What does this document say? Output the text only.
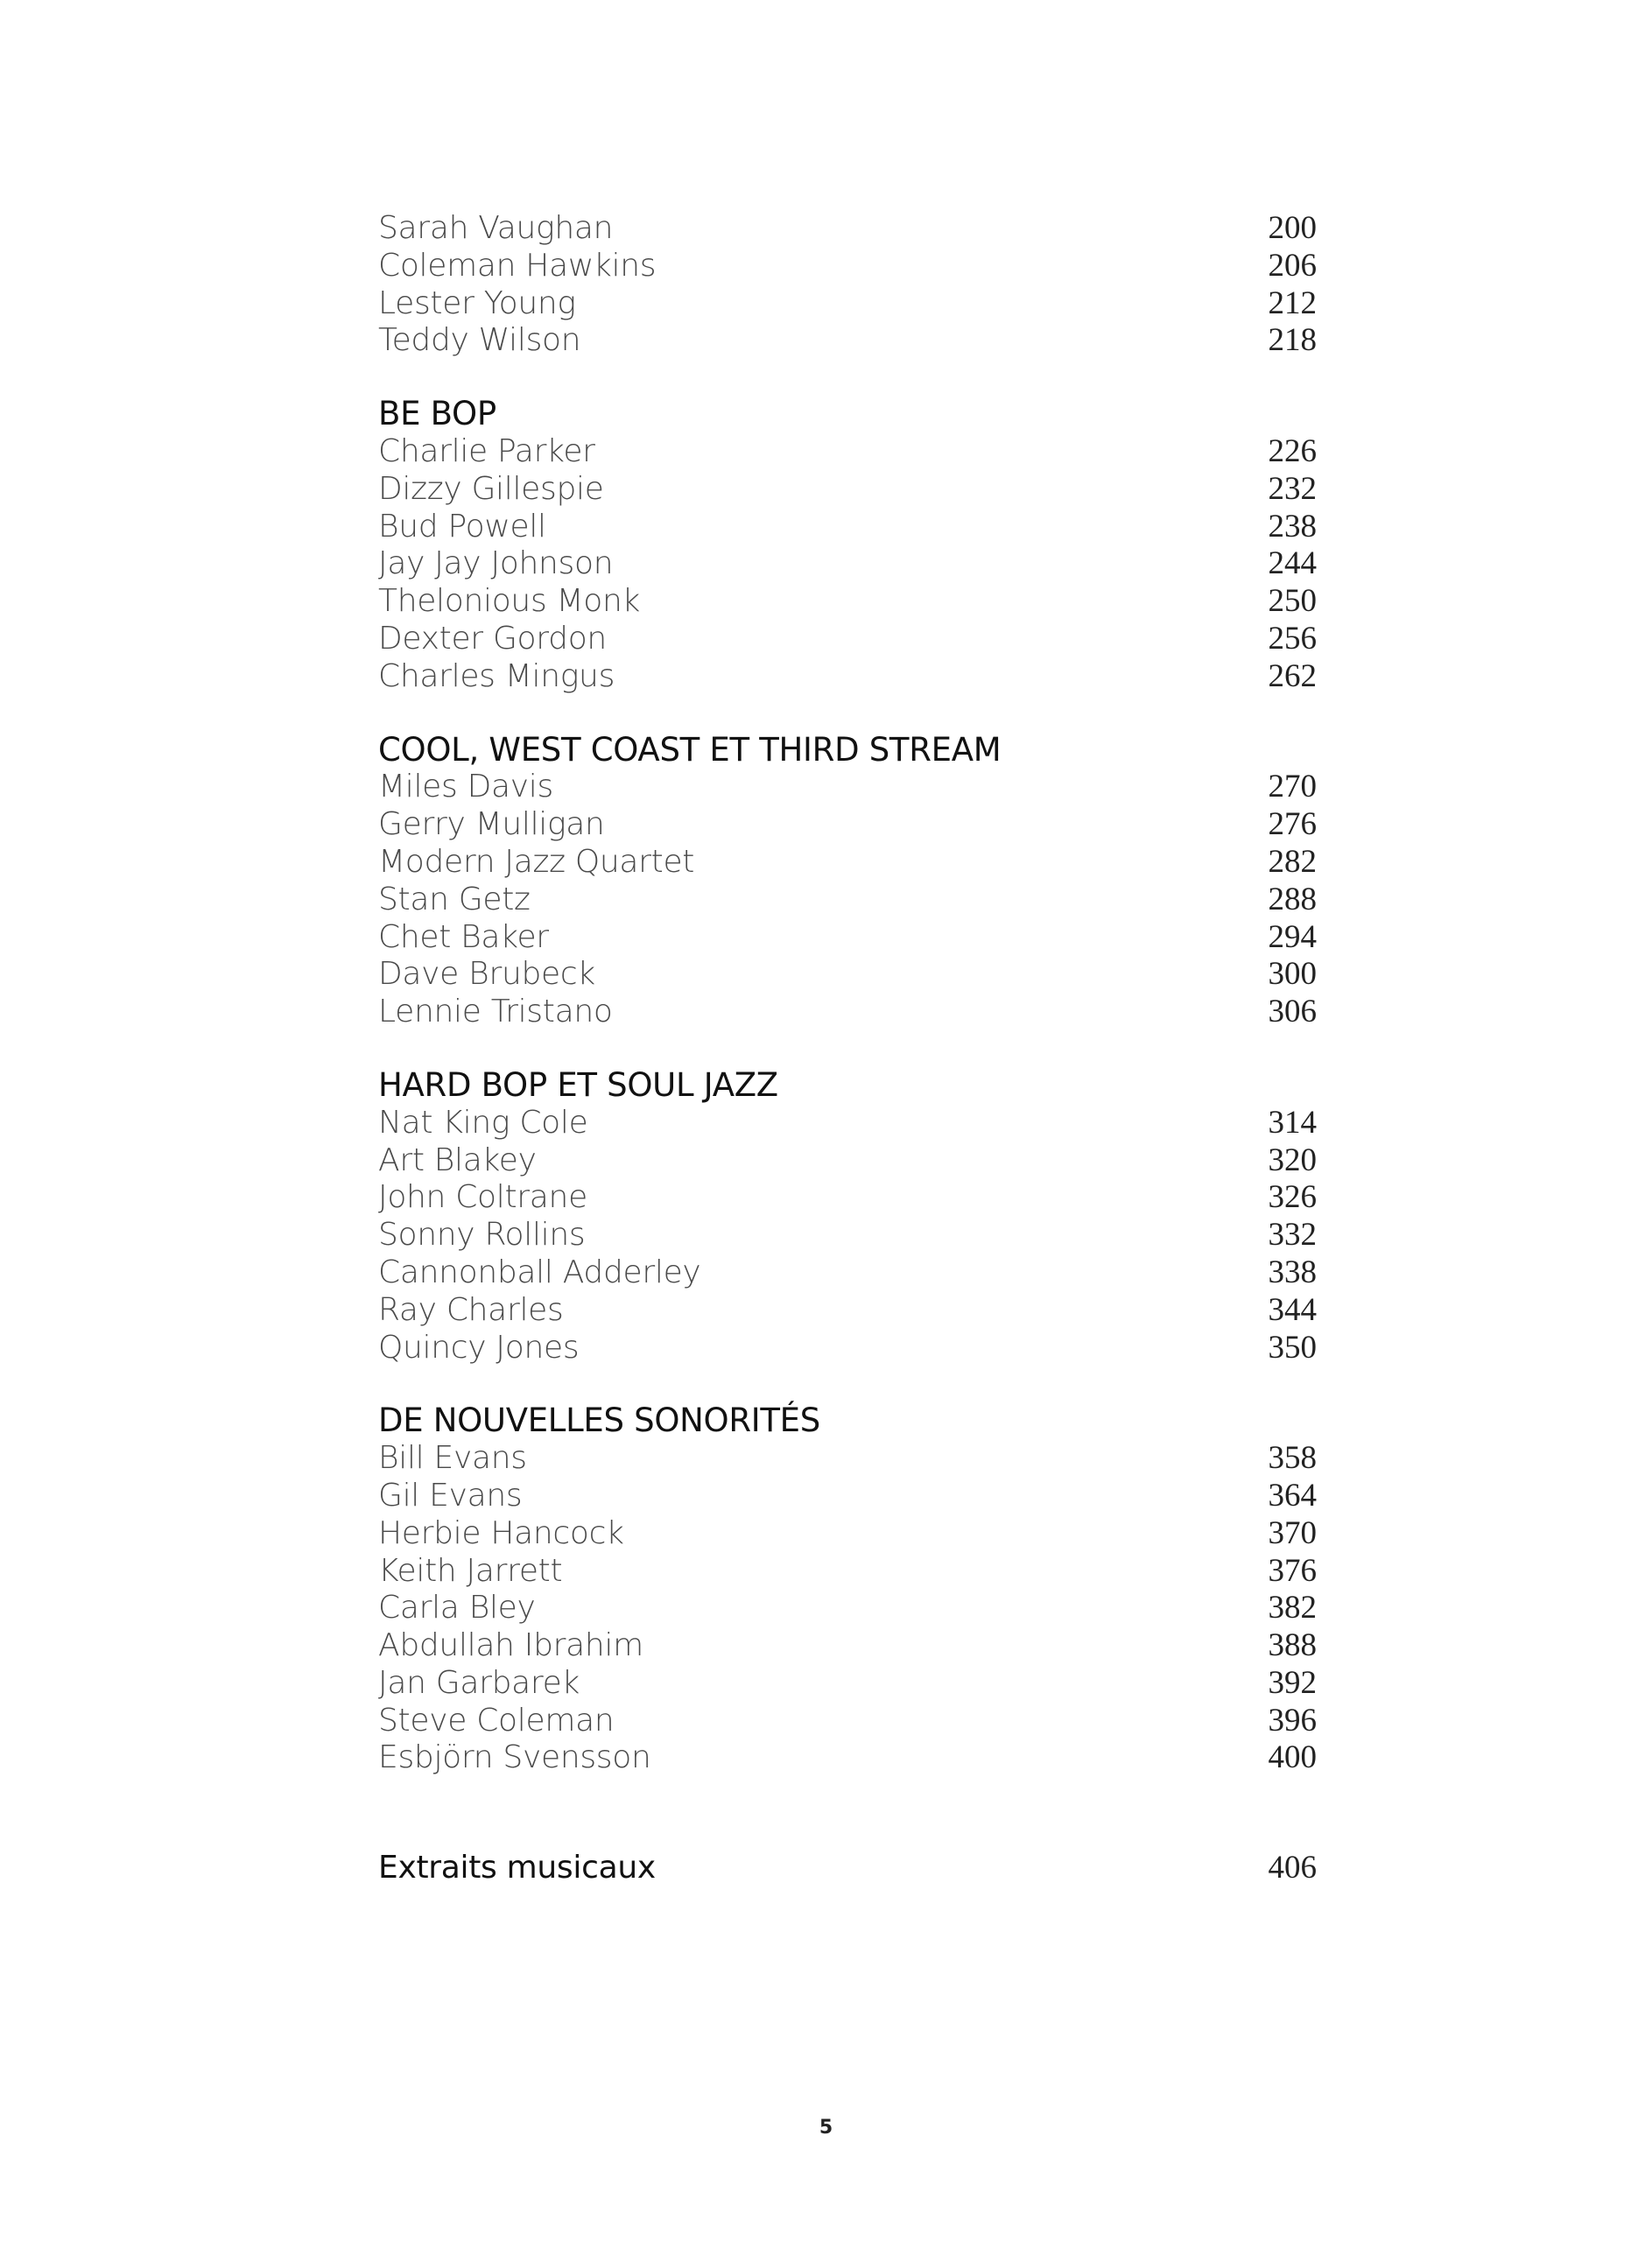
Sarah Vaughan	200
Coleman Hawkins	206
Lester Young	212
Teddy Wilson	218
BE BOP
Charlie Parker	226
Dizzy Gillespie	232
Bud Powell	238
Jay Jay Johnson	244
Thelonious Monk	250
Dexter Gordon	256
Charles Mingus	262
COOL, WEST COAST ET THIRD STREAM
Miles Davis	270
Gerry Mulligan	276
Modern Jazz Quartet	282
Stan Getz	288
Chet Baker	294
Dave Brubeck	300
Lennie Tristano	306
HARD BOP ET SOUL JAZZ
Nat King Cole	314
Art Blakey	320
John Coltrane	326
Sonny Rollins	332
Cannonball Adderley	338
Ray Charles	344
Quincy Jones	350
DE NOUVELLES SONORITÉS
Bill Evans	358
Gil Evans	364
Herbie Hancock	370
Keith Jarrett	376
Carla Bley	382
Abdullah Ibrahim	388
Jan Garbarek	392
Steve Coleman	396
Esbjörn Svensson	400
Extraits musicaux	406
5
